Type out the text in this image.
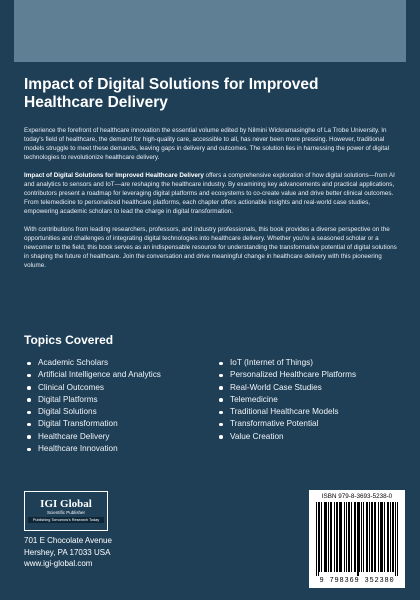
Impact of Digital Solutions for Improved
Healthcare Delivery

Experience the forefront of healthcare innovation the essential volume edited by Nilmini Wickramasinghe of La Trobe University. In today's field of healthcare, the demand for high-quality care, accessible to all, has never been more pressing. However, traditional models struggle to meet these demands, leaving gaps in delivery and outcomes. The solution lies in harnessing the power of digital technologies to revolutionize healthcare delivery.

Impact of Digital Solutions for Improved Healthcare Delivery offers a comprehensive exploration of how digital solutions—from AI and analytics to sensors and IoT—are reshaping the healthcare industry. By examining key advancements and practical applications, contributors present a roadmap for leveraging digital platforms and ecosystems to co-create value and drive better clinical outcomes. From telemedicine to personalized healthcare platforms, each chapter offers actionable insights and real-world case studies, empowering academic scholars to lead the charge in digital transformation.

With contributions from leading researchers, professors, and industry professionals, this book provides a diverse perspective on the opportunities and challenges of integrating digital technologies into healthcare delivery. Whether you're a seasoned scholar or a newcomer to the field, this book serves as an indispensable resource for understanding the transformative potential of digital solutions in shaping the future of healthcare. Join the conversation and drive meaningful change in healthcare delivery with this pioneering volume.

Topics Covered
Academic Scholars
Artificial Intelligence and Analytics
Clinical Outcomes
Digital Platforms
Digital Solutions
Digital Transformation
Healthcare Delivery
Healthcare Innovation
IoT (Internet of Things)
Personalized Healthcare Platforms
Real-World Case Studies
Telemedicine
Traditional Healthcare Models
Transformative Potential
Value Creation
IGI Global
Scientific Publisher
Publishing Tomorrow's Research Today
701 E Chocolate Avenue
Hershey, PA 17033 USA
www.igi-global.com

ISBN 979-8-3693-5238-0

9 798369 352380
